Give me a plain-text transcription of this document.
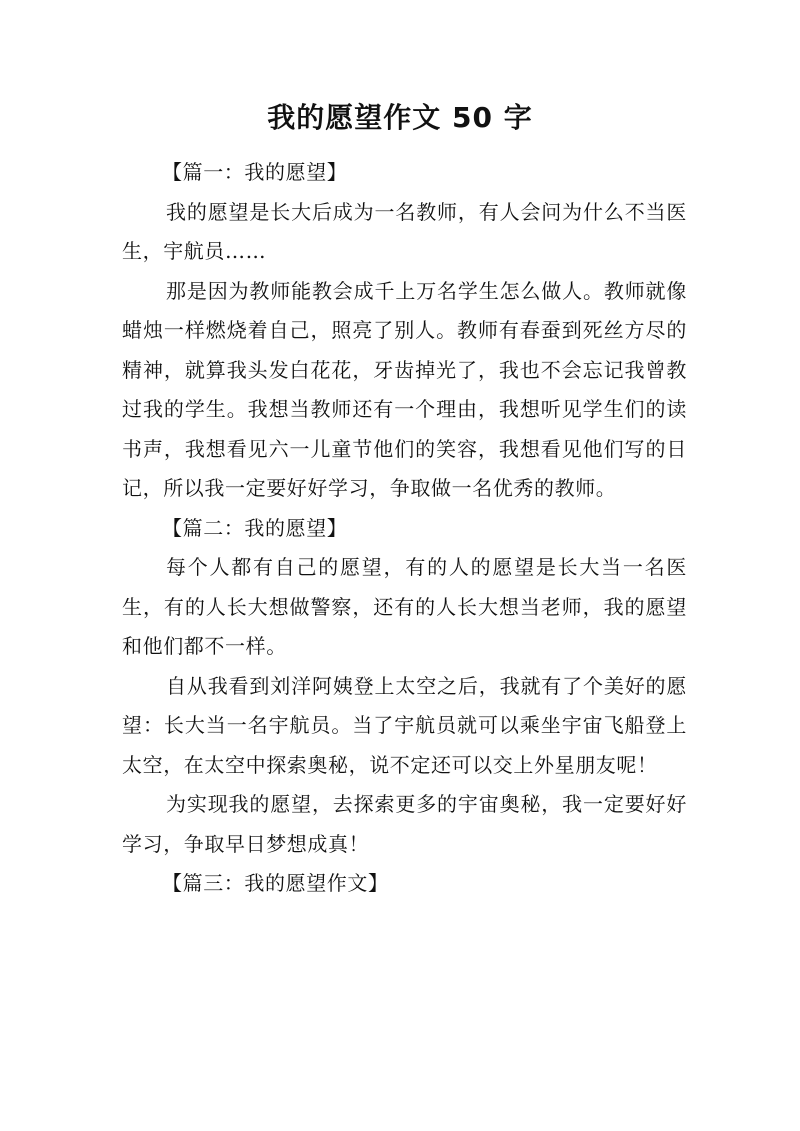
我的愿望作文 50 字

【篇一：我的愿望】

我的愿望是长大后成为一名教师，有人会问为什么不当医生，宇航员……

那是因为教师能教会成千上万名学生怎么做人。教师就像蜡烛一样燃烧着自己，照亮了别人。教师有春蚕到死丝方尽的精神，就算我头发白花花，牙齿掉光了，我也不会忘记我曾教过我的学生。我想当教师还有一个理由，我想听见学生们的读书声，我想看见六一儿童节他们的笑容，我想看见他们写的日记，所以我一定要好好学习，争取做一名优秀的教师。

【篇二：我的愿望】

每个人都有自己的愿望，有的人的愿望是长大当一名医生，有的人长大想做警察，还有的人长大想当老师，我的愿望和他们都不一样。

自从我看到刘洋阿姨登上太空之后，我就有了个美好的愿望：长大当一名宇航员。当了宇航员就可以乘坐宇宙飞船登上太空，在太空中探索奥秘，说不定还可以交上外星朋友呢！

为实现我的愿望，去探索更多的宇宙奥秘，我一定要好好学习，争取早日梦想成真！

【篇三：我的愿望作文】
